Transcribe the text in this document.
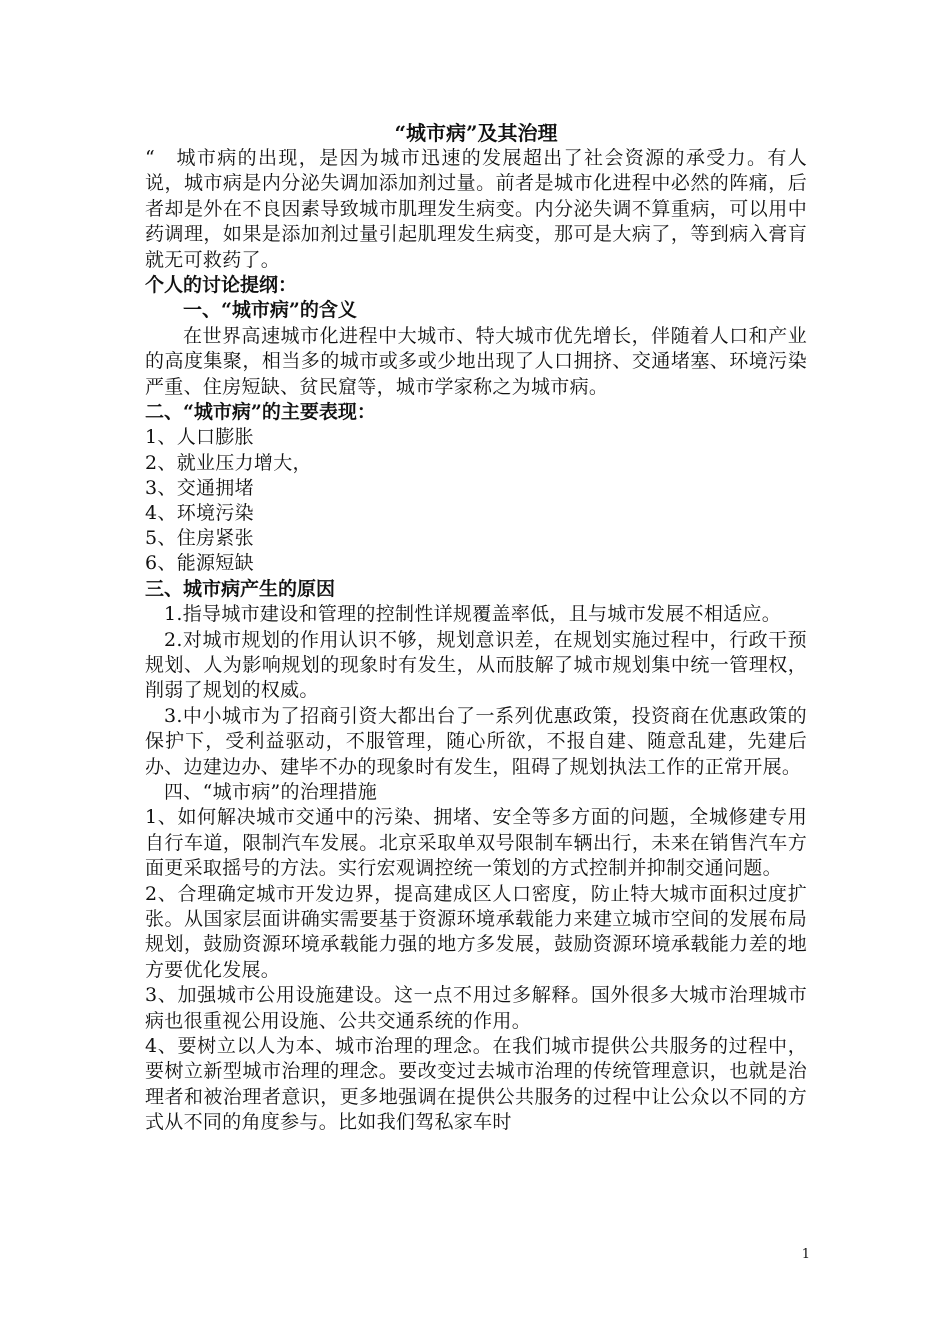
“城市病”及其治理

“　城市病的出现，是因为城市迅速的发展超出了社会资源的承受力。有人说，城市病是内分泌失调加添加剂过量。前者是城市化进程中必然的阵痛，后者却是外在不良因素导致城市肌理发生病变。内分泌失调不算重病，可以用中药调理，如果是添加剂过量引起肌理发生病变，那可是大病了，等到病入膏肓就无可救药了。

个人的讨论提纲：

一、“城市病”的含义

在世界高速城市化进程中大城市、特大城市优先增长，伴随着人口和产业的高度集聚，相当多的城市或多或少地出现了人口拥挤、交通堵塞、环境污染严重、住房短缺、贫民窟等，城市学家称之为城市病。

二、“城市病”的主要表现：

1、人口膨胀

2、就业压力增大，

3、交通拥堵

4、环境污染

5、住房紧张

6、能源短缺

三、城市病产生的原因

1.指导城市建设和管理的控制性详规覆盖率低，且与城市发展不相适应。

2.对城市规划的作用认识不够，规划意识差，在规划实施过程中，行政干预规划、人为影响规划的现象时有发生，从而肢解了城市规划集中统一管理权，削弱了规划的权威。

3.中小城市为了招商引资大都出台了一系列优惠政策，投资商在优惠政策的保护下，受利益驱动，不服管理，随心所欲，不报自建、随意乱建，先建后办、边建边办、建毕不办的现象时有发生，阻碍了规划执法工作的正常开展。

四、“城市病”的治理措施

1、如何解决城市交通中的污染、拥堵、安全等多方面的问题，全城修建专用自行车道，限制汽车发展。北京采取单双号限制车辆出行，未来在销售汽车方面更采取摇号的方法。实行宏观调控统一策划的方式控制并抑制交通问题。

2、合理确定城市开发边界，提高建成区人口密度，防止特大城市面积过度扩张。从国家层面讲确实需要基于资源环境承载能力来建立城市空间的发展布局规划，鼓励资源环境承载能力强的地方多发展，鼓励资源环境承载能力差的地方要优化发展。

3、加强城市公用设施建设。这一点不用过多解释。国外很多大城市治理城市病也很重视公用设施、公共交通系统的作用。

4、要树立以人为本、城市治理的理念。在我们城市提供公共服务的过程中，要树立新型城市治理的理念。要改变过去城市治理的传统管理意识，也就是治理者和被治理者意识，更多地强调在提供公共服务的过程中让公众以不同的方式从不同的角度参与。比如我们驾私家车时

1
